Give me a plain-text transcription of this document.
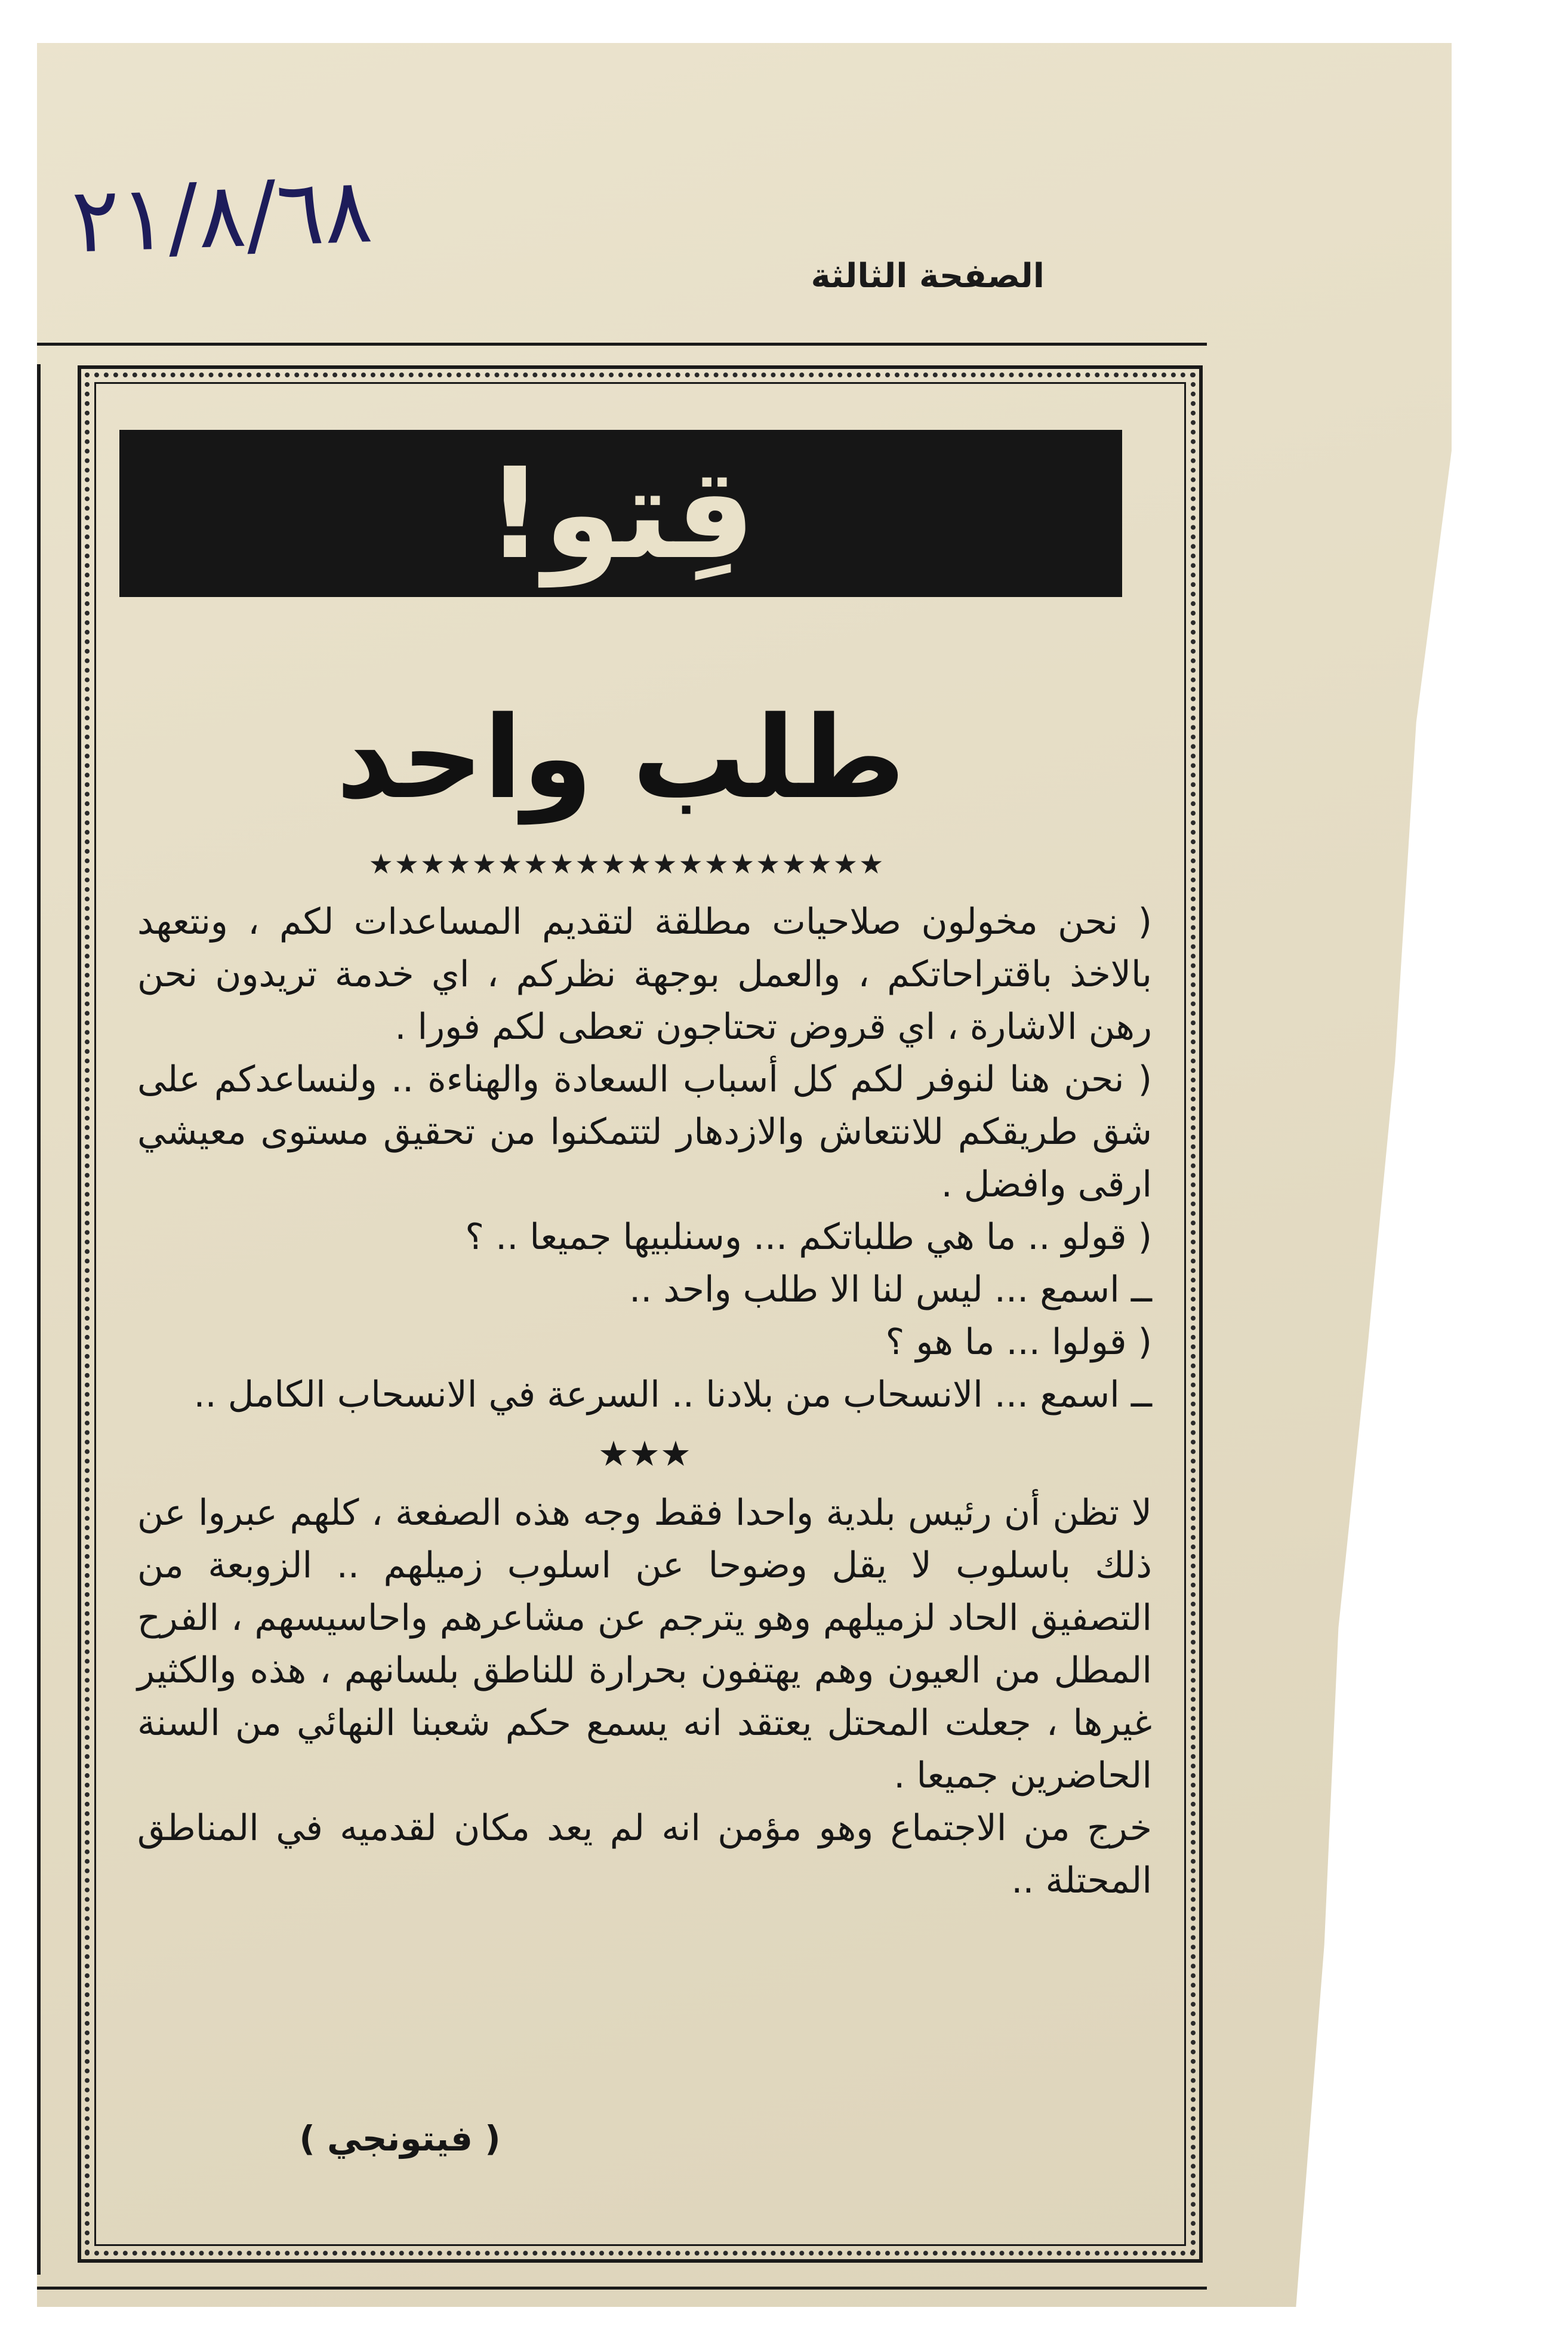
٢١/٨/٦٨
الصفحة الثالثة
قِتو!
طلب واحد
★★★★★★★★★★★★★★★★★★★★

( نحن مخولون صلاحيات مطلقة لتقديم المساعدات لكم ، ونتعهد بالاخذ باقتراحاتكم ، والعمل بوجهة نظركم ، اي خدمة تريدون نحن رهن الاشارة ، اي قروض تحتاجون تعطى لكم فورا .

( نحن هنا لنوفر لكم كل أسباب السعادة والهناءة .. ولنساعدكم على شق طريقكم للانتعاش والازدهار لتتمكنوا من تحقيق مستوى معيشي ارقى وافضل .

( قولو .. ما هي طلباتكم ... وسنلبيها جميعا .. ؟

ــ اسمع ... ليس لنا الا طلب واحد ..

( قولوا ... ما هو ؟

ــ اسمع ... الانسحاب من بلادنا .. السرعة في الانسحاب الكامل ..

★★★

لا تظن أن رئيس بلدية واحدا فقط وجه هذه الصفعة ، كلهم عبروا عن ذلك باسلوب لا يقل وضوحا عن اسلوب زميلهم .. الزوبعة من التصفيق الحاد لزميلهم وهو يترجم عن مشاعرهم واحاسيسهم ، الفرح المطل من العيون وهم يهتفون بحرارة للناطق بلسانهم ، هذه والكثير غيرها ، جعلت المحتل يعتقد انه يسمع حكم شعبنا النهائي من السنة الحاضرين جميعا .

خرج من الاجتماع وهو مؤمن انه لم يعد مكان لقدميه في المناطق المحتلة ..

( فيتونجي )
